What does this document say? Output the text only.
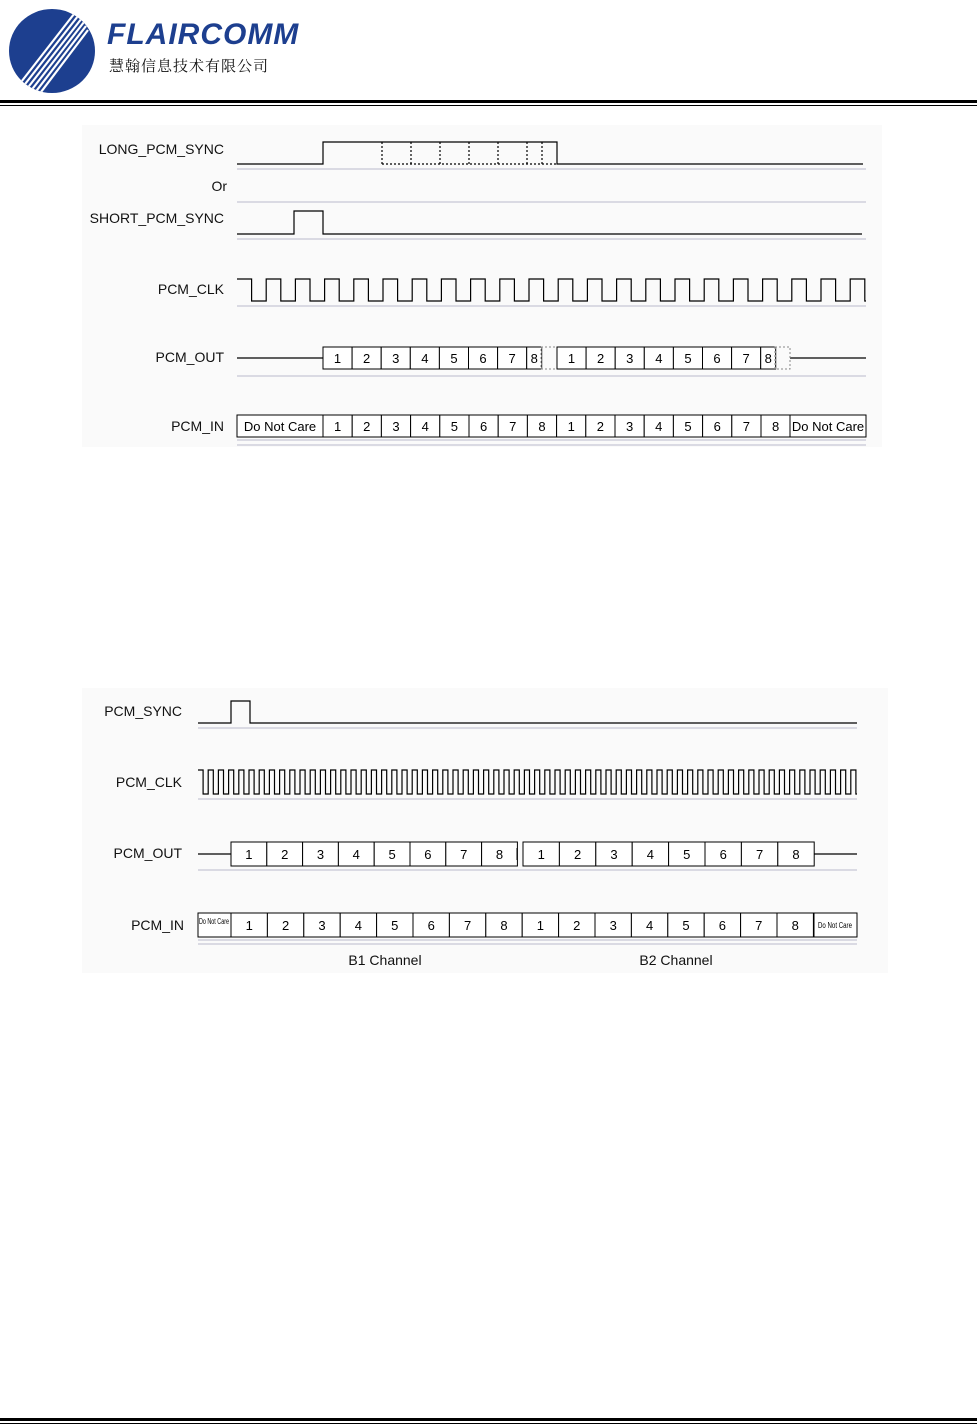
FLAIRCOMM
慧翰信息技术有限公司
LONG_PCM_SYNC
Or
SHORT_PCM_SYNC
PCM_CLK
PCM_OUT
PCM_IN
1 2 3 4 5 6 7 8 1 2 3 4 5 6 7 8
Do Not Care 1 2 3 4 5 6 7 8 1 2 3 4 5 6 7 8 Do Not Care
PCM_SYNC
PCM_CLK
PCM_OUT
PCM_IN
1 2 3 4 5 6 7 8	1 2 3 4 5 6 7 8
Do Not Care 1 2 3 4 5 6 7 8 1 2 3 4 5 6 7 8 Do Not Care
B1 Channel	B2 Channel
